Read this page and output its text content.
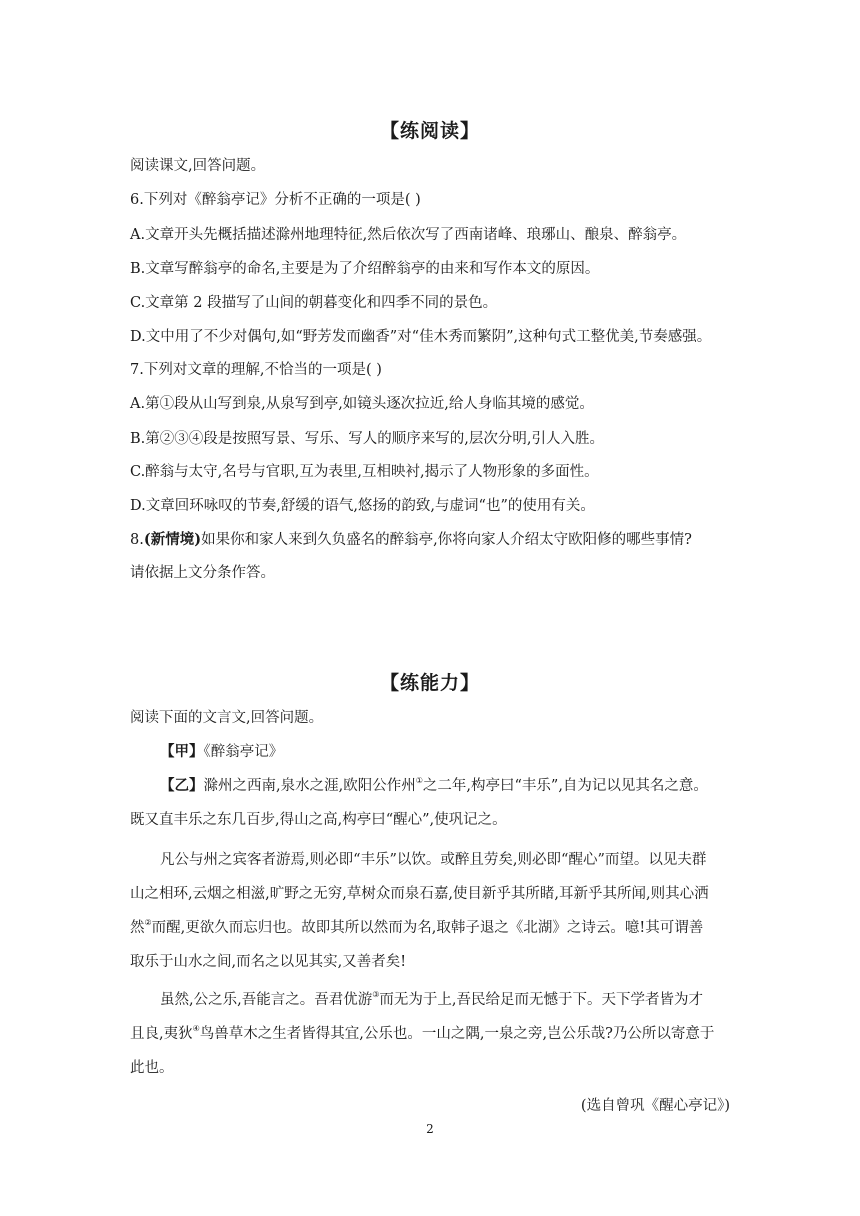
【练阅读】
阅读课文,回答问题。
6.下列对《醉翁亭记》分析不正确的一项是( )
A.文章开头先概括描述滁州地理特征,然后依次写了西南诸峰、琅琊山、酿泉、醉翁亭。
B.文章写醉翁亭的命名,主要是为了介绍醉翁亭的由来和写作本文的原因。
C.文章第 2 段描写了山间的朝暮变化和四季不同的景色。
D.文中用了不少对偶句,如“野芳发而幽香”对“佳木秀而繁阴”,这种句式工整优美,节奏感强。
7.下列对文章的理解,不恰当的一项是( )
A.第①段从山写到泉,从泉写到亭,如镜头逐次拉近,给人身临其境的感觉。
B.第②③④段是按照写景、写乐、写人的顺序来写的,层次分明,引人入胜。
C.醉翁与太守,名号与官职,互为表里,互相映衬,揭示了人物形象的多面性。
D.文章回环咏叹的节奏,舒缓的语气,悠扬的韵致,与虚词“也”的使用有关。
8.(新情境)如果你和家人来到久负盛名的醉翁亭,你将向家人介绍太守欧阳修的哪些事情?
请依据上文分条作答。
【练能力】
阅读下面的文言文,回答问题。
【甲】《醉翁亭记》
【乙】滁州之西南,泉水之涯,欧阳公作州①之二年,构亭曰“丰乐”,自为记以见其名之意。
既又直丰乐之东几百步,得山之高,构亭曰“醒心”,使巩记之。
凡公与州之宾客者游焉,则必即“丰乐”以饮。或醉且劳矣,则必即“醒心”而望。以见夫群
山之相环,云烟之相滋,旷野之无穷,草树众而泉石嘉,使目新乎其所睹,耳新乎其所闻,则其心洒
然②而醒,更欲久而忘归也。故即其所以然而为名,取韩子退之《北湖》之诗云。噫!其可谓善
取乐于山水之间,而名之以见其实,又善者矣!
虽然,公之乐,吾能言之。吾君优游③而无为于上,吾民给足而无憾于下。天下学者皆为才
且良,夷狄④鸟兽草木之生者皆得其宜,公乐也。一山之隅,一泉之旁,岂公乐哉?乃公所以寄意于
此也。
(选自曾巩《醒心亭记》)
2
